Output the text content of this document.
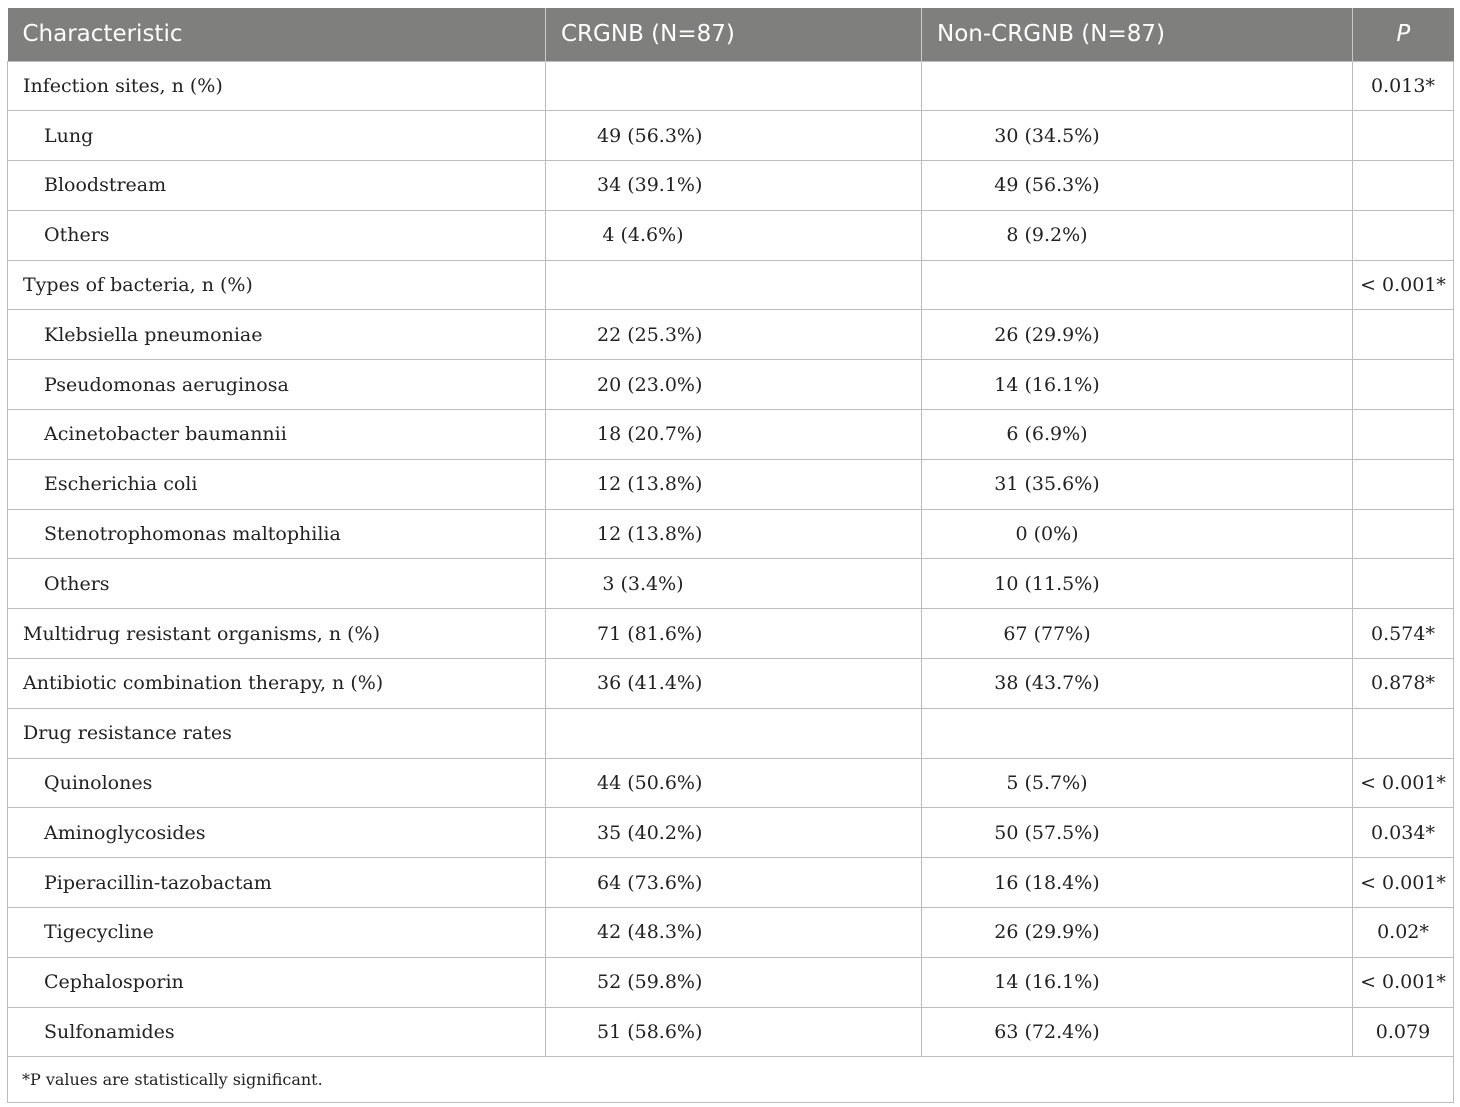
Characteristic	CRGNB (N=87)	Non-CRGNB (N=87)	P
Infection sites, n (%)			0.013*
Lung	49 (56.3%)	30 (34.5%)	
Bloodstream	34 (39.1%)	49 (56.3%)	
Others	4 (4.6%)	8 (9.2%)	
Types of bacteria, n (%)			< 0.001*
Klebsiella pneumoniae	22 (25.3%)	26 (29.9%)	
Pseudomonas aeruginosa	20 (23.0%)	14 (16.1%)	
Acinetobacter baumannii	18 (20.7%)	6 (6.9%)	
Escherichia coli	12 (13.8%)	31 (35.6%)	
Stenotrophomonas maltophilia	12 (13.8%)	0 (0%)	
Others	3 (3.4%)	10 (11.5%)	
Multidrug resistant organisms, n (%)	71 (81.6%)	67 (77%)	0.574*
Antibiotic combination therapy, n (%)	36 (41.4%)	38 (43.7%)	0.878*
Drug resistance rates			
Quinolones	44 (50.6%)	5 (5.7%)	< 0.001*
Aminoglycosides	35 (40.2%)	50 (57.5%)	0.034*
Piperacillin-tazobactam	64 (73.6%)	16 (18.4%)	< 0.001*
Tigecycline	42 (48.3%)	26 (29.9%)	0.02*
Cephalosporin	52 (59.8%)	14 (16.1%)	< 0.001*
Sulfonamides	51 (58.6%)	63 (72.4%)	0.079
*P values are statistically significant.			
